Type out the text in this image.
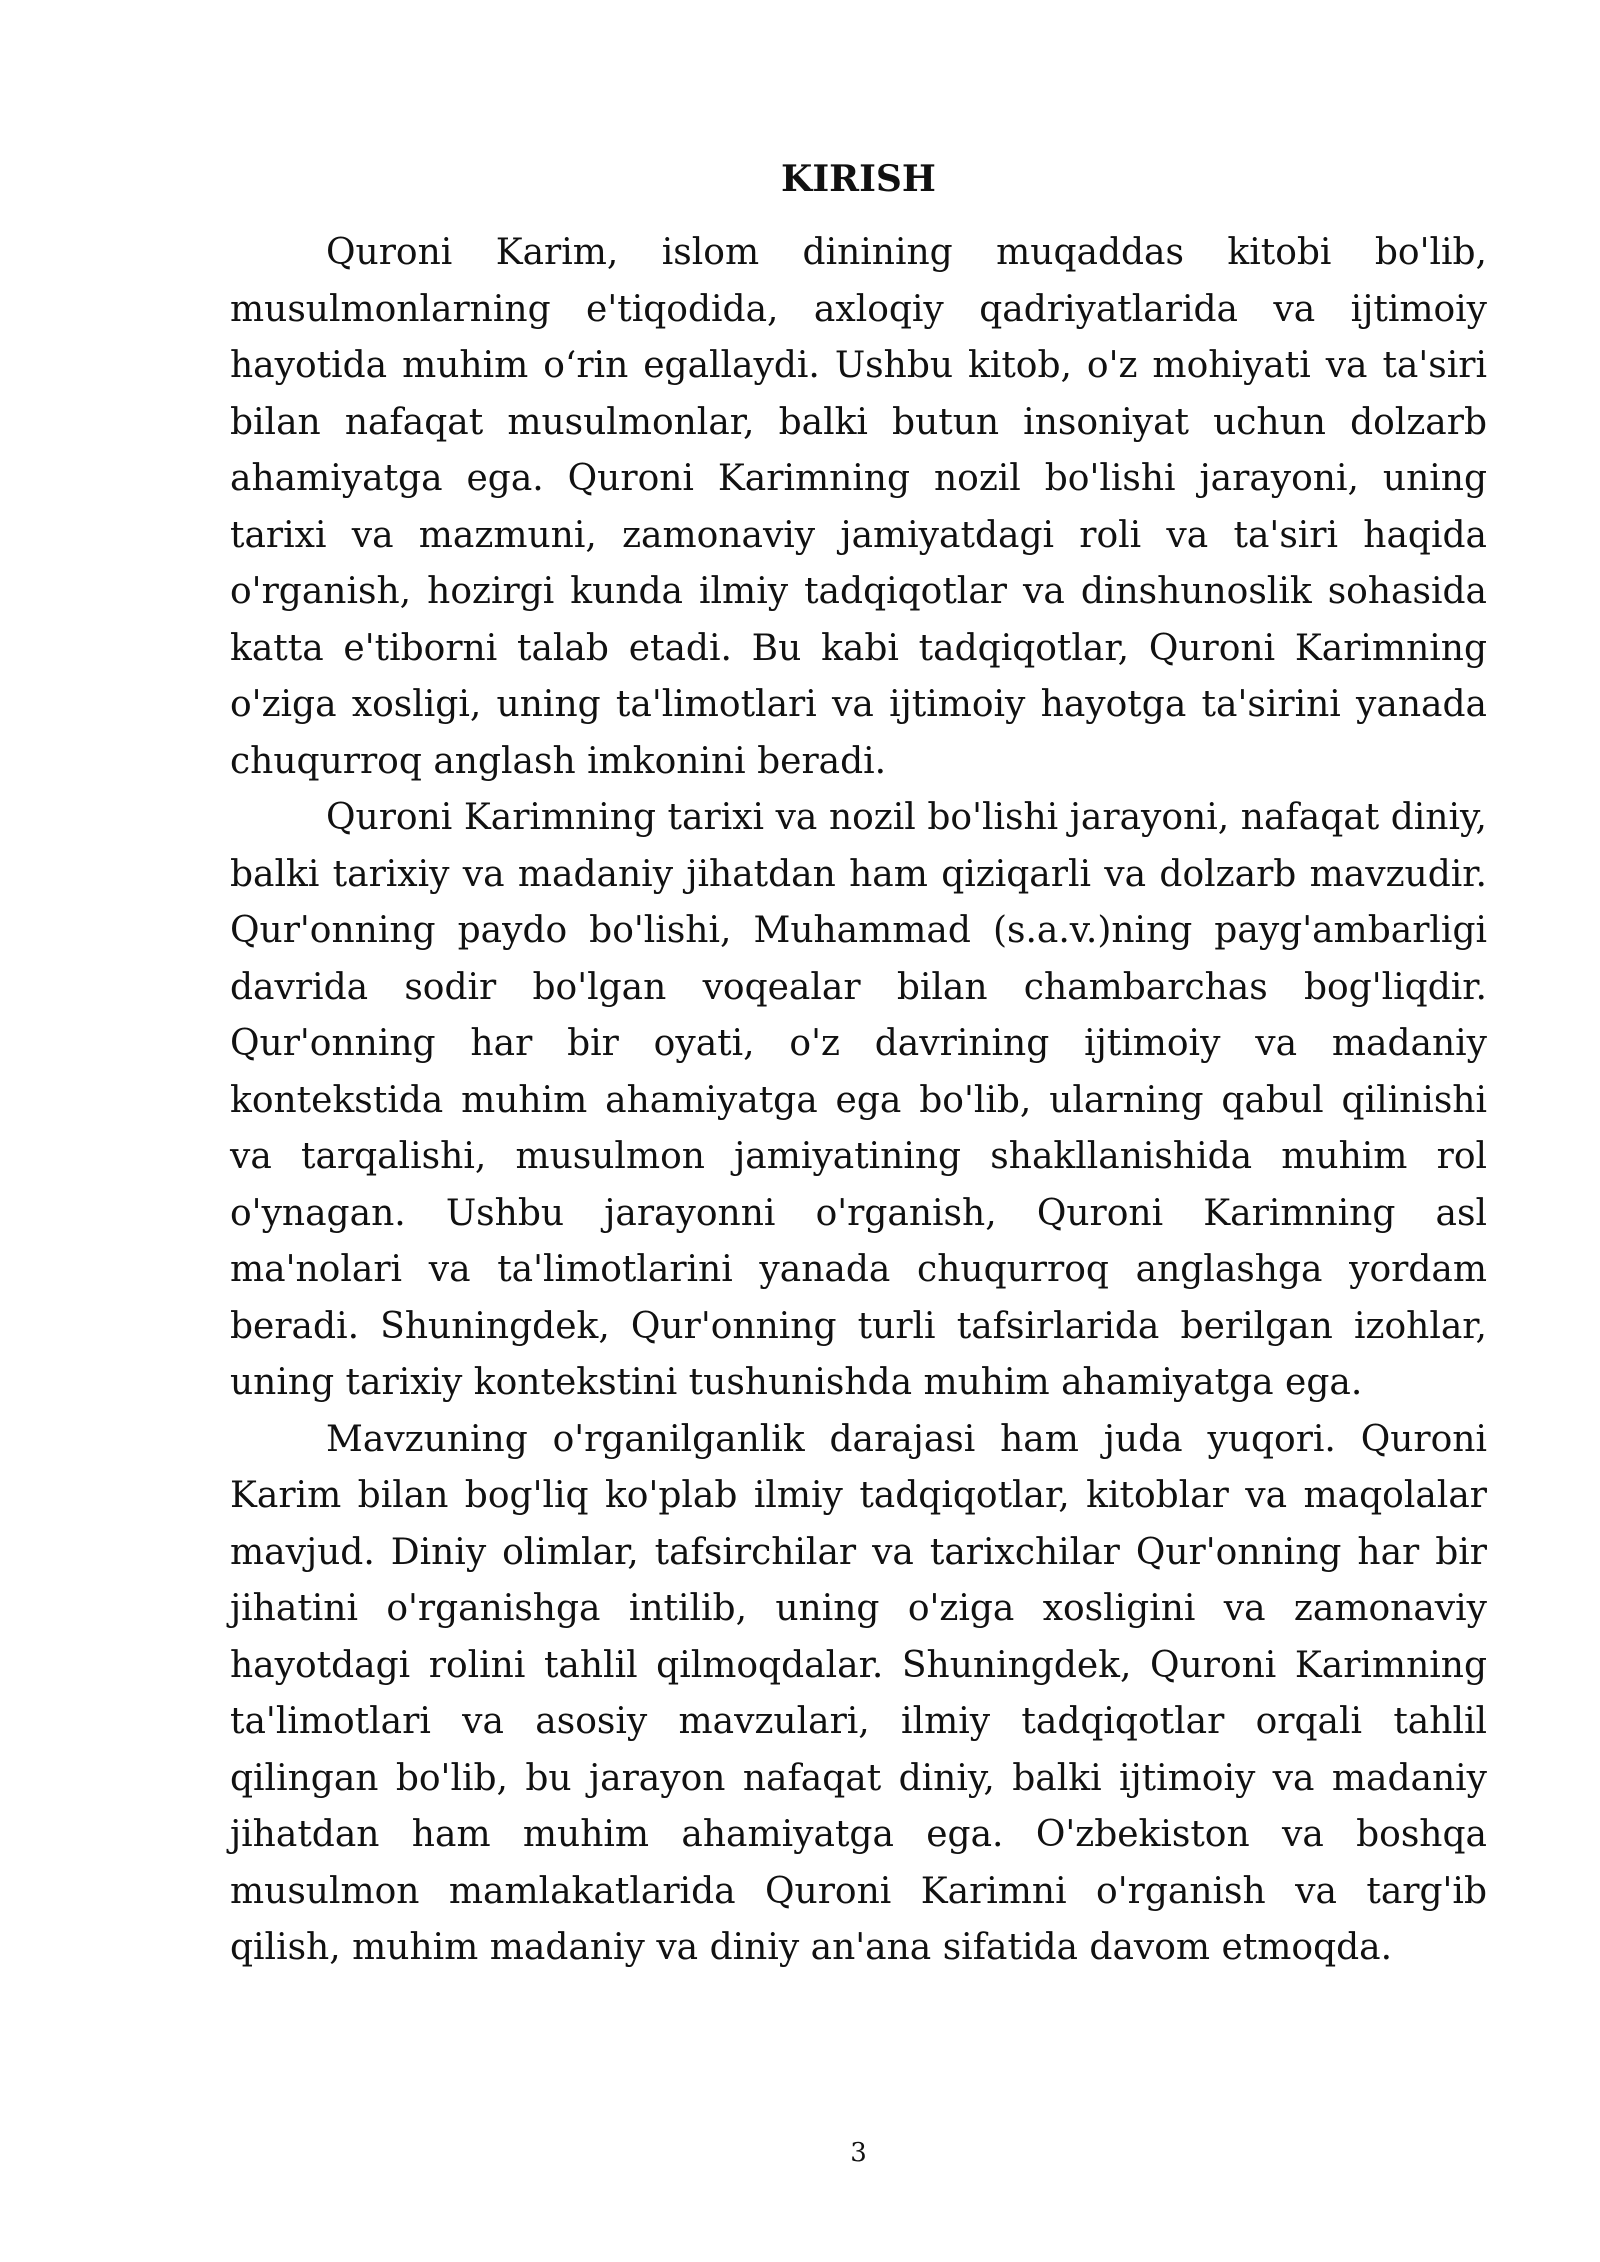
KIRISH

Quroni Karim, islom dinining muqaddas kitobi bo'lib, musulmonlarning e'tiqodida, axloqiy qadriyatlarida va ijtimoiy hayotida muhim o‘rin egallaydi. Ushbu kitob, o'z mohiyati va ta'siri bilan nafaqat musulmonlar, balki butun insoniyat uchun dolzarb ahamiyatga ega. Quroni Karimning nozil bo'lishi jarayoni, uning tarixi va mazmuni, zamonaviy jamiyatdagi roli va ta'siri haqida o'rganish, hozirgi kunda ilmiy tadqiqotlar va dinshunoslik sohasida katta e'tiborni talab etadi. Bu kabi tadqiqotlar, Quroni Karimning o'ziga xosligi, uning ta'limotlari va ijtimoiy hayotga ta'sirini yanada chuqurroq anglash imkonini beradi.

Quroni Karimning tarixi va nozil bo'lishi jarayoni, nafaqat diniy, balki tarixiy va madaniy jihatdan ham qiziqarli va dolzarb mavzudir. Qur'onning paydo bo'lishi, Muhammad (s.a.v.)ning payg'ambarligi davrida sodir bo'lgan voqealar bilan chambarchas bog'liqdir. Qur'onning har bir oyati, o'z davrining ijtimoiy va madaniy kontekstida muhim ahamiyatga ega bo'lib, ularning qabul qilinishi va tarqalishi, musulmon jamiyatining shakllanishida muhim rol o'ynagan. Ushbu jarayonni o'rganish, Quroni Karimning asl ma'nolari va ta'limotlarini yanada chuqurroq anglashga yordam beradi. Shuningdek, Qur'onning turli tafsirlarida berilgan izohlar, uning tarixiy kontekstini tushunishda muhim ahamiyatga ega.

Mavzuning o'rganilganlik darajasi ham juda yuqori. Quroni Karim bilan bog'liq ko'plab ilmiy tadqiqotlar, kitoblar va maqolalar mavjud. Diniy olimlar, tafsirchilar va tarixchilar Qur'onning har bir jihatini o'rganishga intilib, uning o'ziga xosligini va zamonaviy hayotdagi rolini tahlil qilmoqdalar. Shuningdek, Quroni Karimning ta'limotlari va asosiy mavzulari, ilmiy tadqiqotlar orqali tahlil qilingan bo'lib, bu jarayon nafaqat diniy, balki ijtimoiy va madaniy jihatdan ham muhim ahamiyatga ega. O'zbekiston va boshqa musulmon mamlakatlarida Quroni Karimni o'rganish va targ'ib qilish, muhim madaniy va diniy an'ana sifatida davom etmoqda.

3
